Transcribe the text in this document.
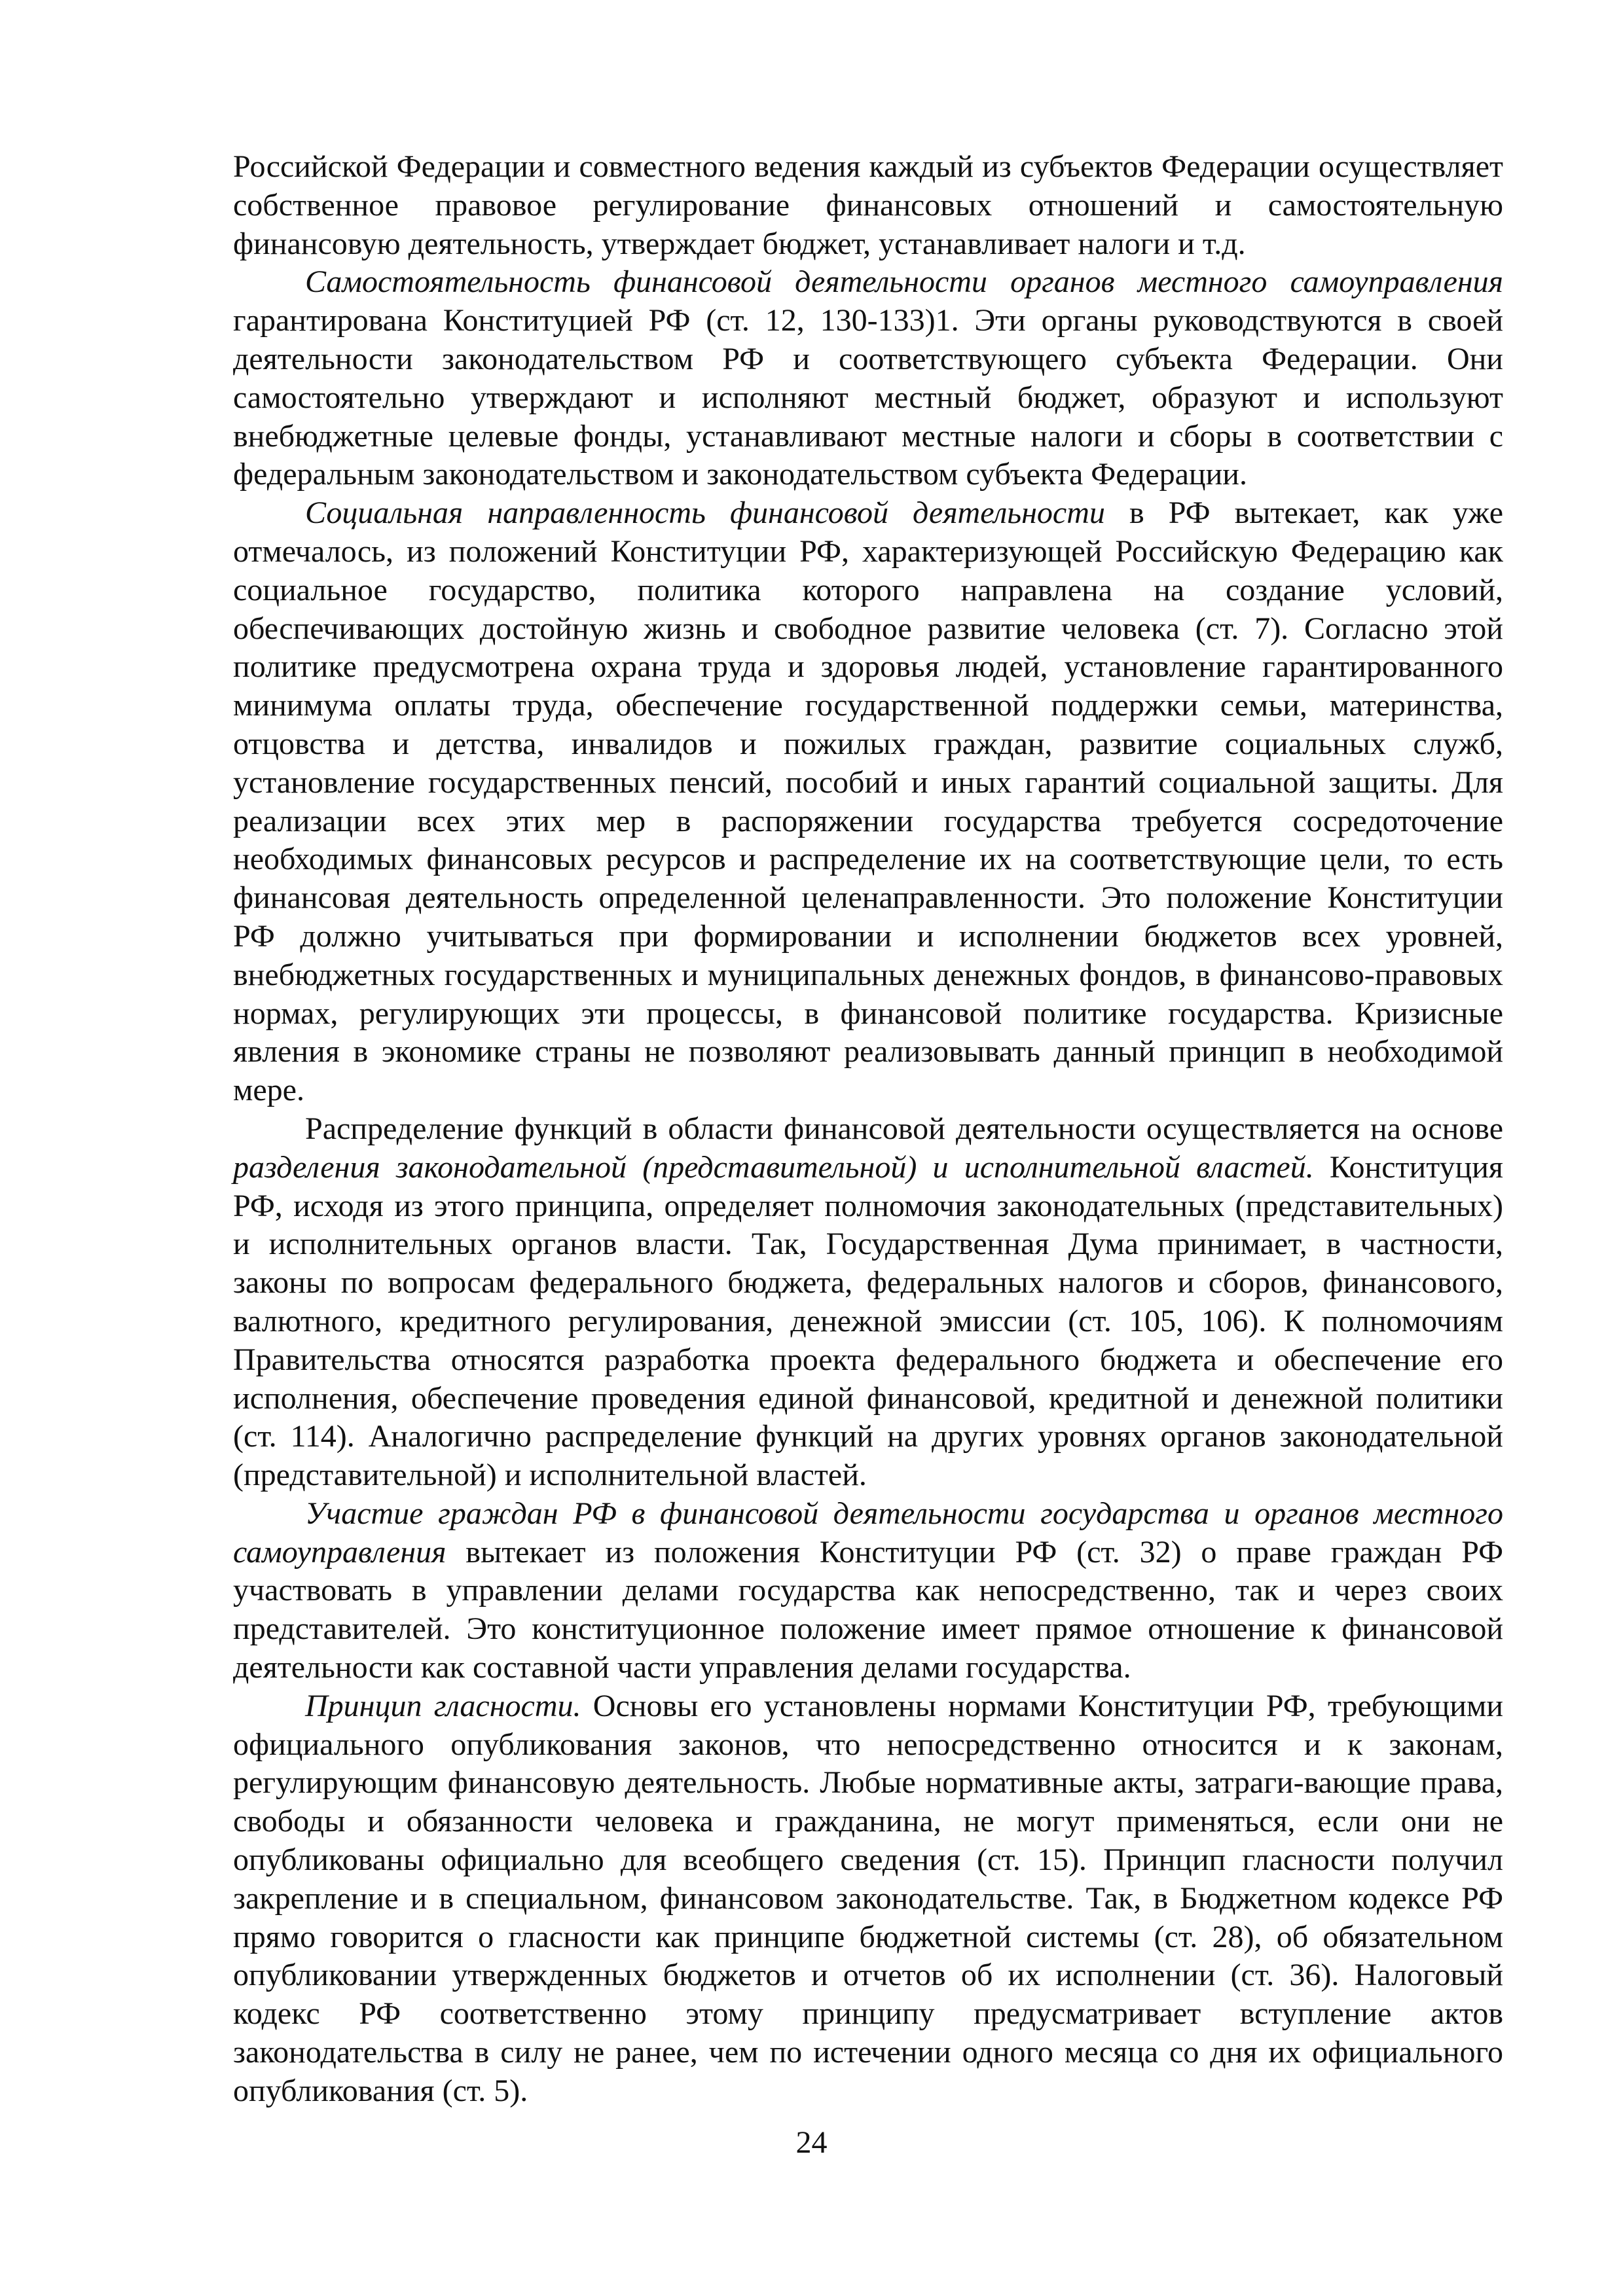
Российской Федерации и совместного ведения каждый из субъектов Федерации осуществляет собственное правовое регулирование финансовых отношений и самостоятельную финансовую деятельность, утверждает бюджет, устанавливает налоги и т.д.

Самостоятельность финансовой деятельности органов местного самоуправления гарантирована Конституцией РФ (ст. 12, 130-133)1. Эти органы руководствуются в своей деятельности законодательством РФ и соответствующего субъекта Федерации. Они самостоятельно утверждают и исполняют местный бюджет, образуют и используют внебюджетные целевые фонды, устанавливают местные налоги и сборы в соответствии с федеральным законодательством и законодательством субъекта Федерации.

Социальная направленность финансовой деятельности в РФ вытекает, как уже отмечалось, из положений Конституции РФ, характеризующей Российскую Федерацию как социальное государство, политика которого направлена на создание условий, обеспечивающих достойную жизнь и свободное развитие человека (ст. 7). Согласно этой политике предусмотрена охрана труда и здоровья людей, установление гарантированного минимума оплаты труда, обеспечение государственной поддержки семьи, материнства, отцовства и детства, инвалидов и пожилых граждан, развитие социальных служб, установление государственных пенсий, пособий и иных гарантий социальной защиты. Для реализации всех этих мер в распоряжении государства требуется сосредоточение необходимых финансовых ресурсов и распределение их на соответствующие цели, то есть финансовая деятельность определенной целенаправленности. Это положение Конституции РФ должно учитываться при формировании и исполнении бюджетов всех уровней, внебюджетных государственных и муниципальных денежных фондов, в финансово-правовых нормах, регулирующих эти процессы, в финансовой политике государства. Кризисные явления в экономике страны не позволяют реализовывать данный принцип в необходимой мере.

Распределение функций в области финансовой деятельности осуществляется на основе разделения законодательной (представительной) и исполнительной властей. Конституция РФ, исходя из этого принципа, определяет полномочия законодательных (представительных) и исполнительных органов власти. Так, Государственная Дума принимает, в частности, законы по вопросам федерального бюджета, федеральных налогов и сборов, финансового, валютного, кредитного регулирования, денежной эмиссии (ст. 105, 106). К полномочиям Правительства относятся разработка проекта федерального бюджета и обеспечение его исполнения, обеспечение проведения единой финансовой, кредитной и денежной политики (ст. 114). Аналогично распределение функций на других уровнях органов законодательной (представительной) и исполнительной властей.

Участие граждан РФ в финансовой деятельности государства и органов местного самоуправления вытекает из положения Конституции РФ (ст. 32) о праве граждан РФ участвовать в управлении делами государства как непосредственно, так и через своих представителей. Это конституционное положение имеет прямое отношение к финансовой деятельности как составной части управления делами государства.

Принцип гласности. Основы его установлены нормами Конституции РФ, требующими официального опубликования законов, что непосредственно относится и к законам, регулирующим финансовую деятельность. Любые нормативные акты, затраги-вающие права, свободы и обязанности человека и гражданина, не могут применяться, если они не опубликованы официально для всеобщего сведения (ст. 15). Принцип гласности получил закрепление и в специальном, финансовом законодательстве. Так, в Бюджетном кодексе РФ прямо говорится о гласности как принципе бюджетной системы (ст. 28), об обязательном опубликовании утвержденных бюджетов и отчетов об их исполнении (ст. 36). Налоговый кодекс РФ соответственно этому принципу предусматривает вступление актов законодательства в силу не ранее, чем по истечении одного месяца со дня их официального опубликования (ст. 5).

24
